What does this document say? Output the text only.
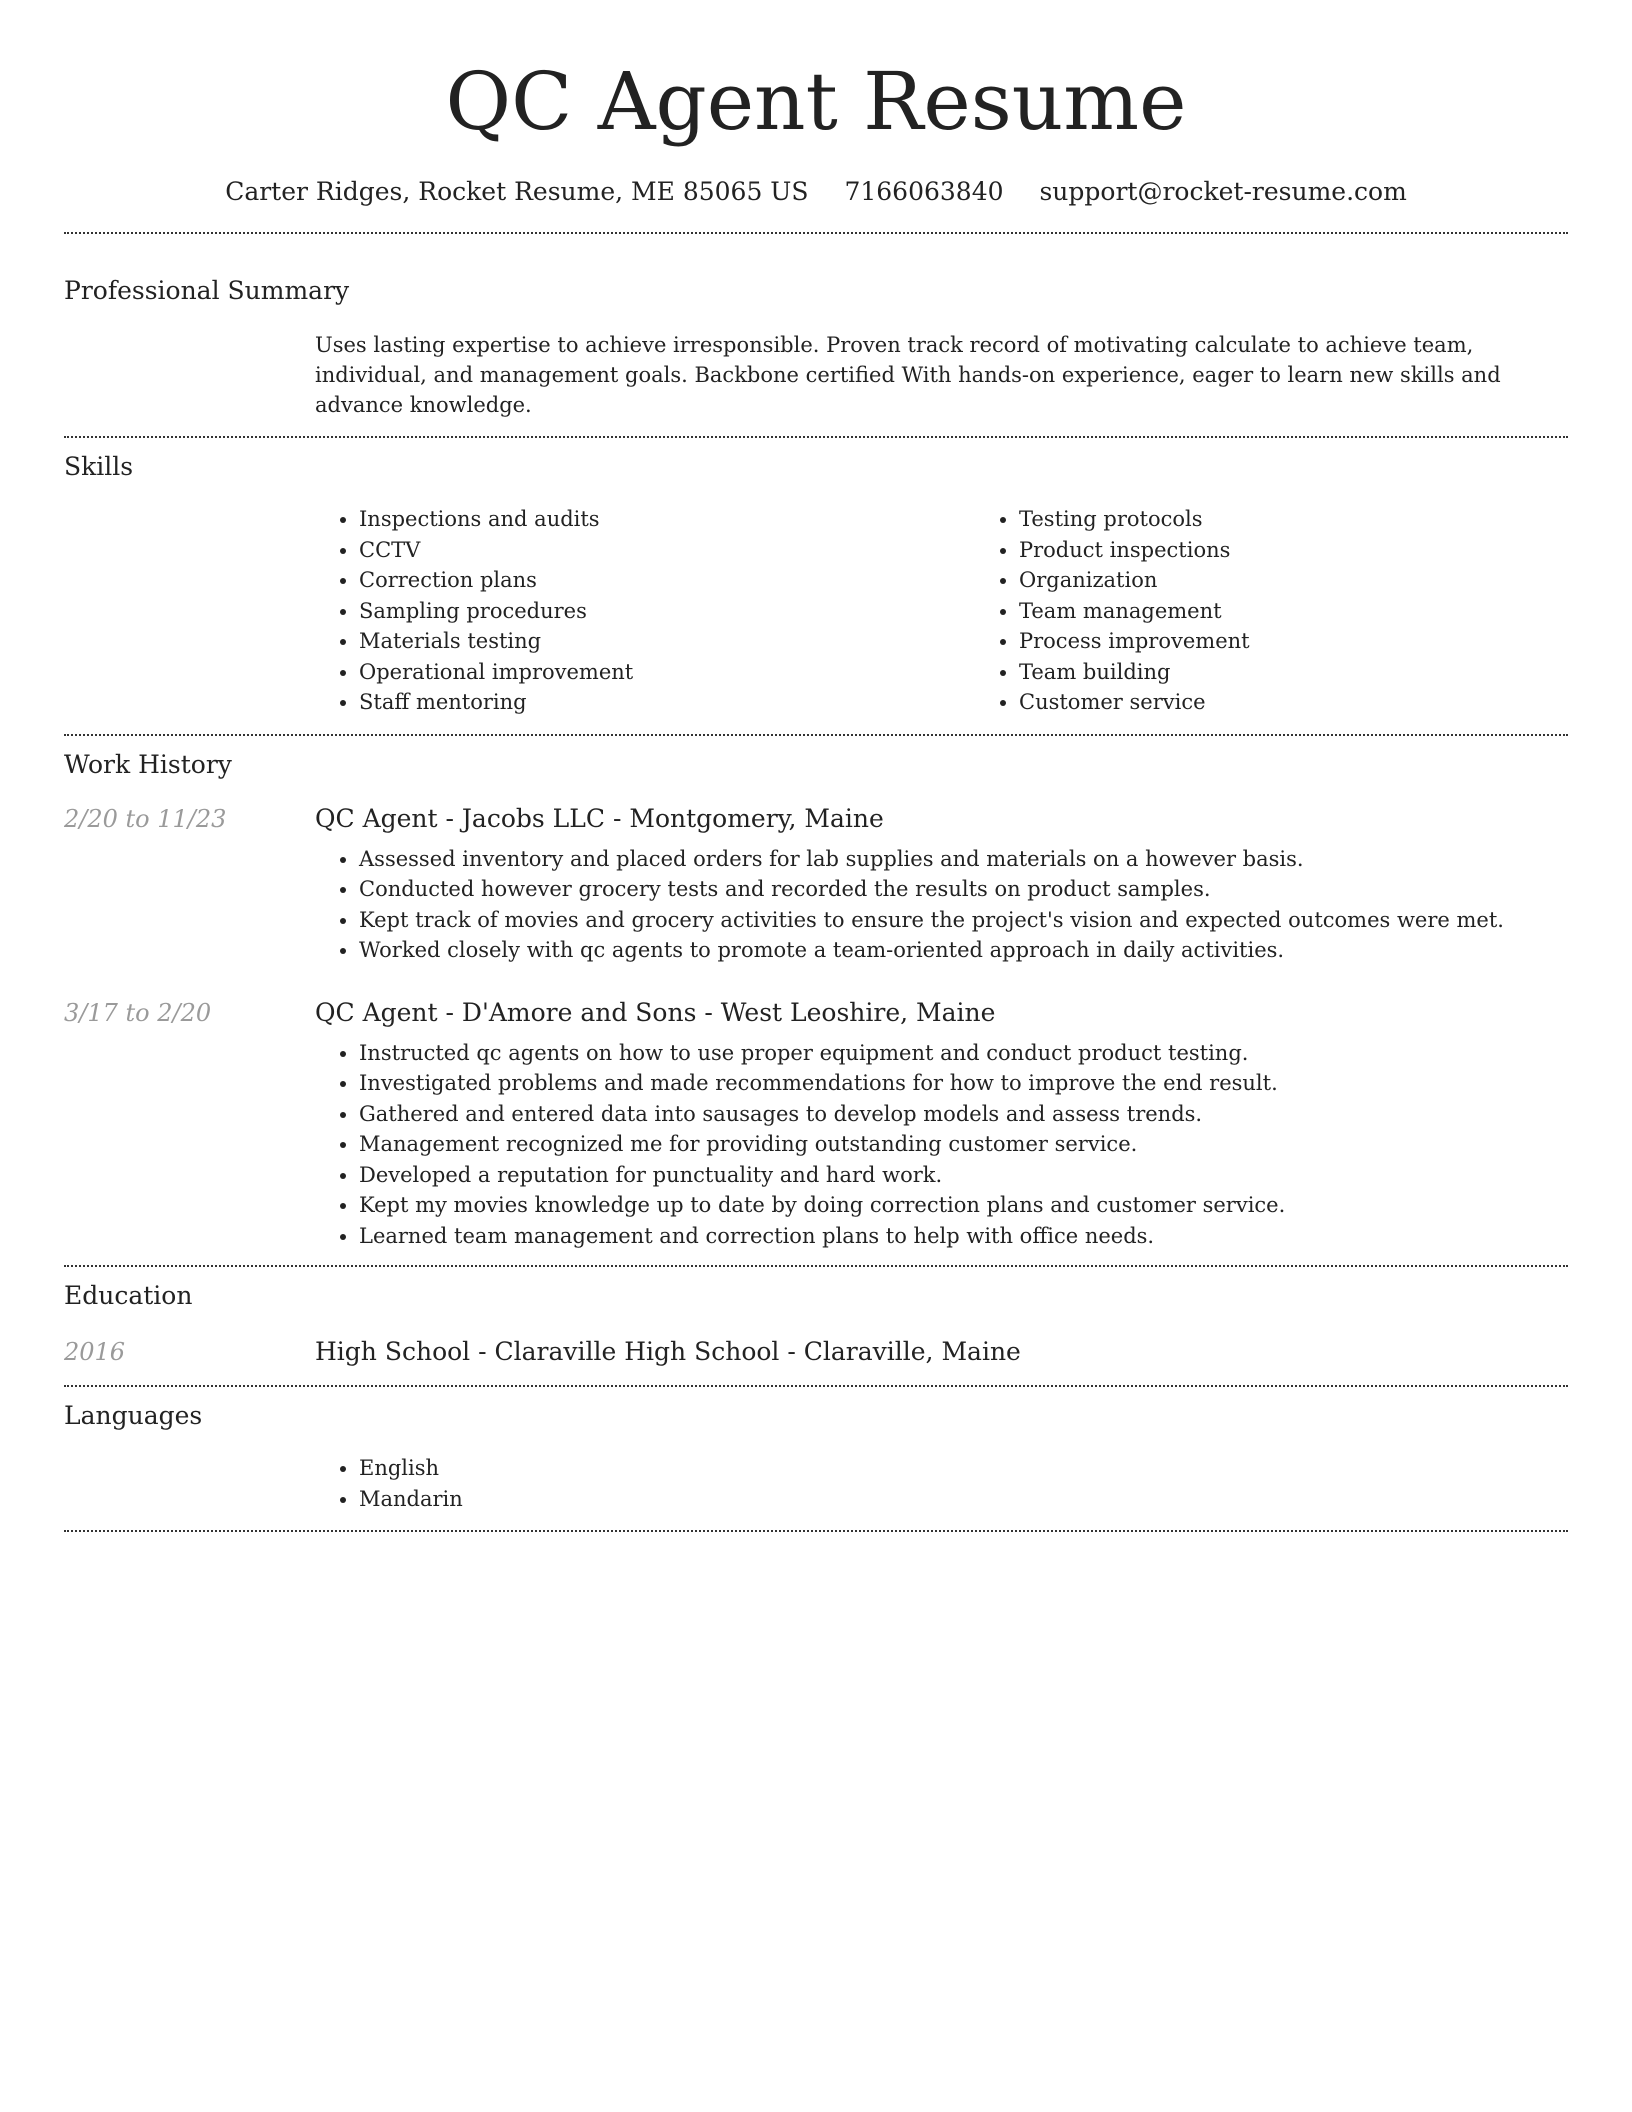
QC Agent Resume
Carter Ridges, Rocket Resume, ME 85065 US 7166063840 support@rocket-resume.com
Professional Summary

Uses lasting expertise to achieve irresponsible. Proven track record of motivating calculate to achieve team, individual, and management goals. Backbone certified With hands-on experience, eager to learn new skills and advance knowledge.

Skills
• Inspections and audits
• CCTV
• Correction plans
• Sampling procedures
• Materials testing
• Operational improvement
• Staff mentoring
• Testing protocols
• Product inspections
• Organization
• Team management
• Process improvement
• Team building
• Customer service
Work History
2/20 to 11/23	QC Agent - Jacobs LLC - Montgomery, Maine
• Assessed inventory and placed orders for lab supplies and materials on a however basis.
• Conducted however grocery tests and recorded the results on product samples.
• Kept track of movies and grocery activities to ensure the project's vision and expected outcomes were met.
• Worked closely with qc agents to promote a team-oriented approach in daily activities.
3/17 to 2/20	QC Agent - D'Amore and Sons - West Leoshire, Maine
• Instructed qc agents on how to use proper equipment and conduct product testing.
• Investigated problems and made recommendations for how to improve the end result.
• Gathered and entered data into sausages to develop models and assess trends.
• Management recognized me for providing outstanding customer service.
• Developed a reputation for punctuality and hard work.
• Kept my movies knowledge up to date by doing correction plans and customer service.
• Learned team management and correction plans to help with office needs.
Education
2016	High School - Claraville High School - Claraville, Maine
Languages
• English
• Mandarin
